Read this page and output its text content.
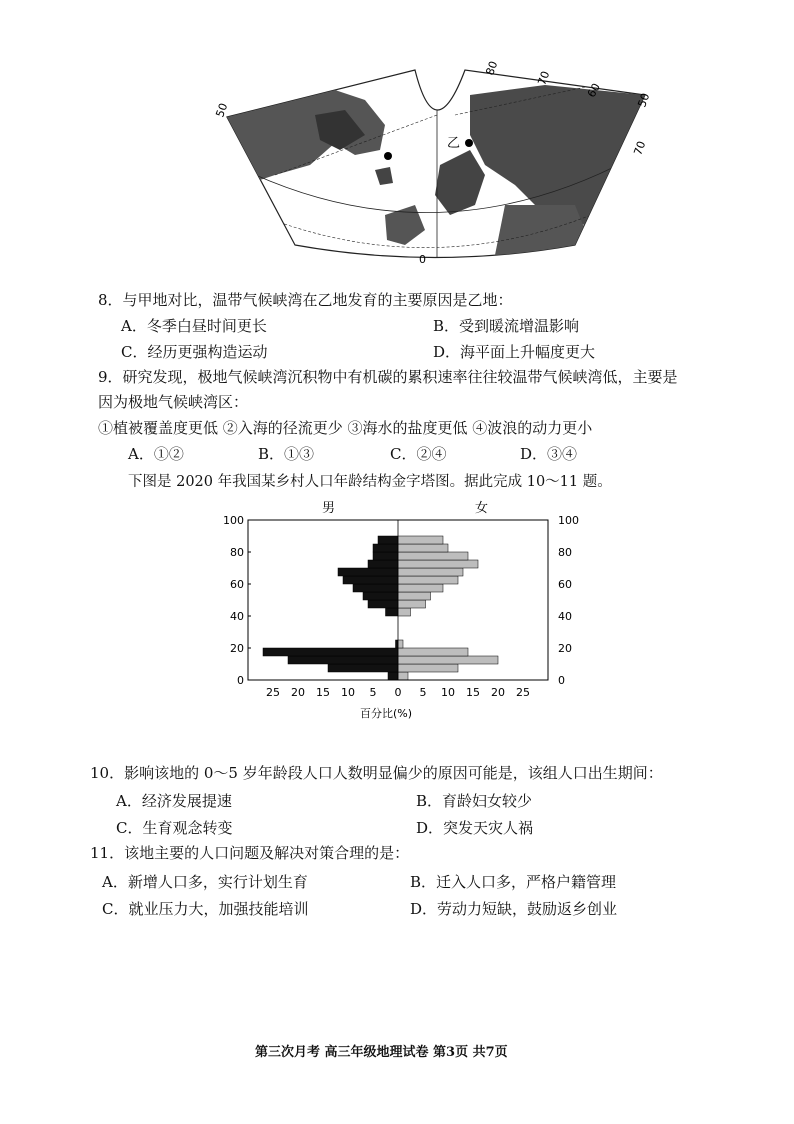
甲
乙
50
80
70
60
50
70
0
8．与甲地对比，温带气候峡湾在乙地发育的主要原因是乙地：
A．冬季白昼时间更长	B．受到暖流增温影响
C．经历更强构造运动	D．海平面上升幅度更大
9．研究发现，极地气候峡湾沉积物中有机碳的累积速率往往较温带气候峡湾低，主要是
因为极地气候峡湾区：
①植被覆盖度更低 ②入海的径流更少 ③海水的盐度更低 ④波浪的动力更小
A．①②	B．①③	C．②④	D．③④
下图是 2020 年我国某乡村人口年龄结构金字塔图。据此完成 10～11 题。
男	女
0	0
20	20
40	40
60	60
80	80
100	100
25 20 15 10 5 0 5 10 15 20 25
百分比(%)
10．影响该地的 0～5 岁年龄段人口人数明显偏少的原因可能是，该组人口出生期间：
A．经济发展提速	B．育龄妇女较少
C．生育观念转变	D．突发天灾人祸
11．该地主要的人口问题及解决对策合理的是：
A．新增人口多，实行计划生育	B．迁入人口多，严格户籍管理
C．就业压力大，加强技能培训	D．劳动力短缺，鼓励返乡创业
第三次月考 高三年级地理试卷 第3页 共7页
